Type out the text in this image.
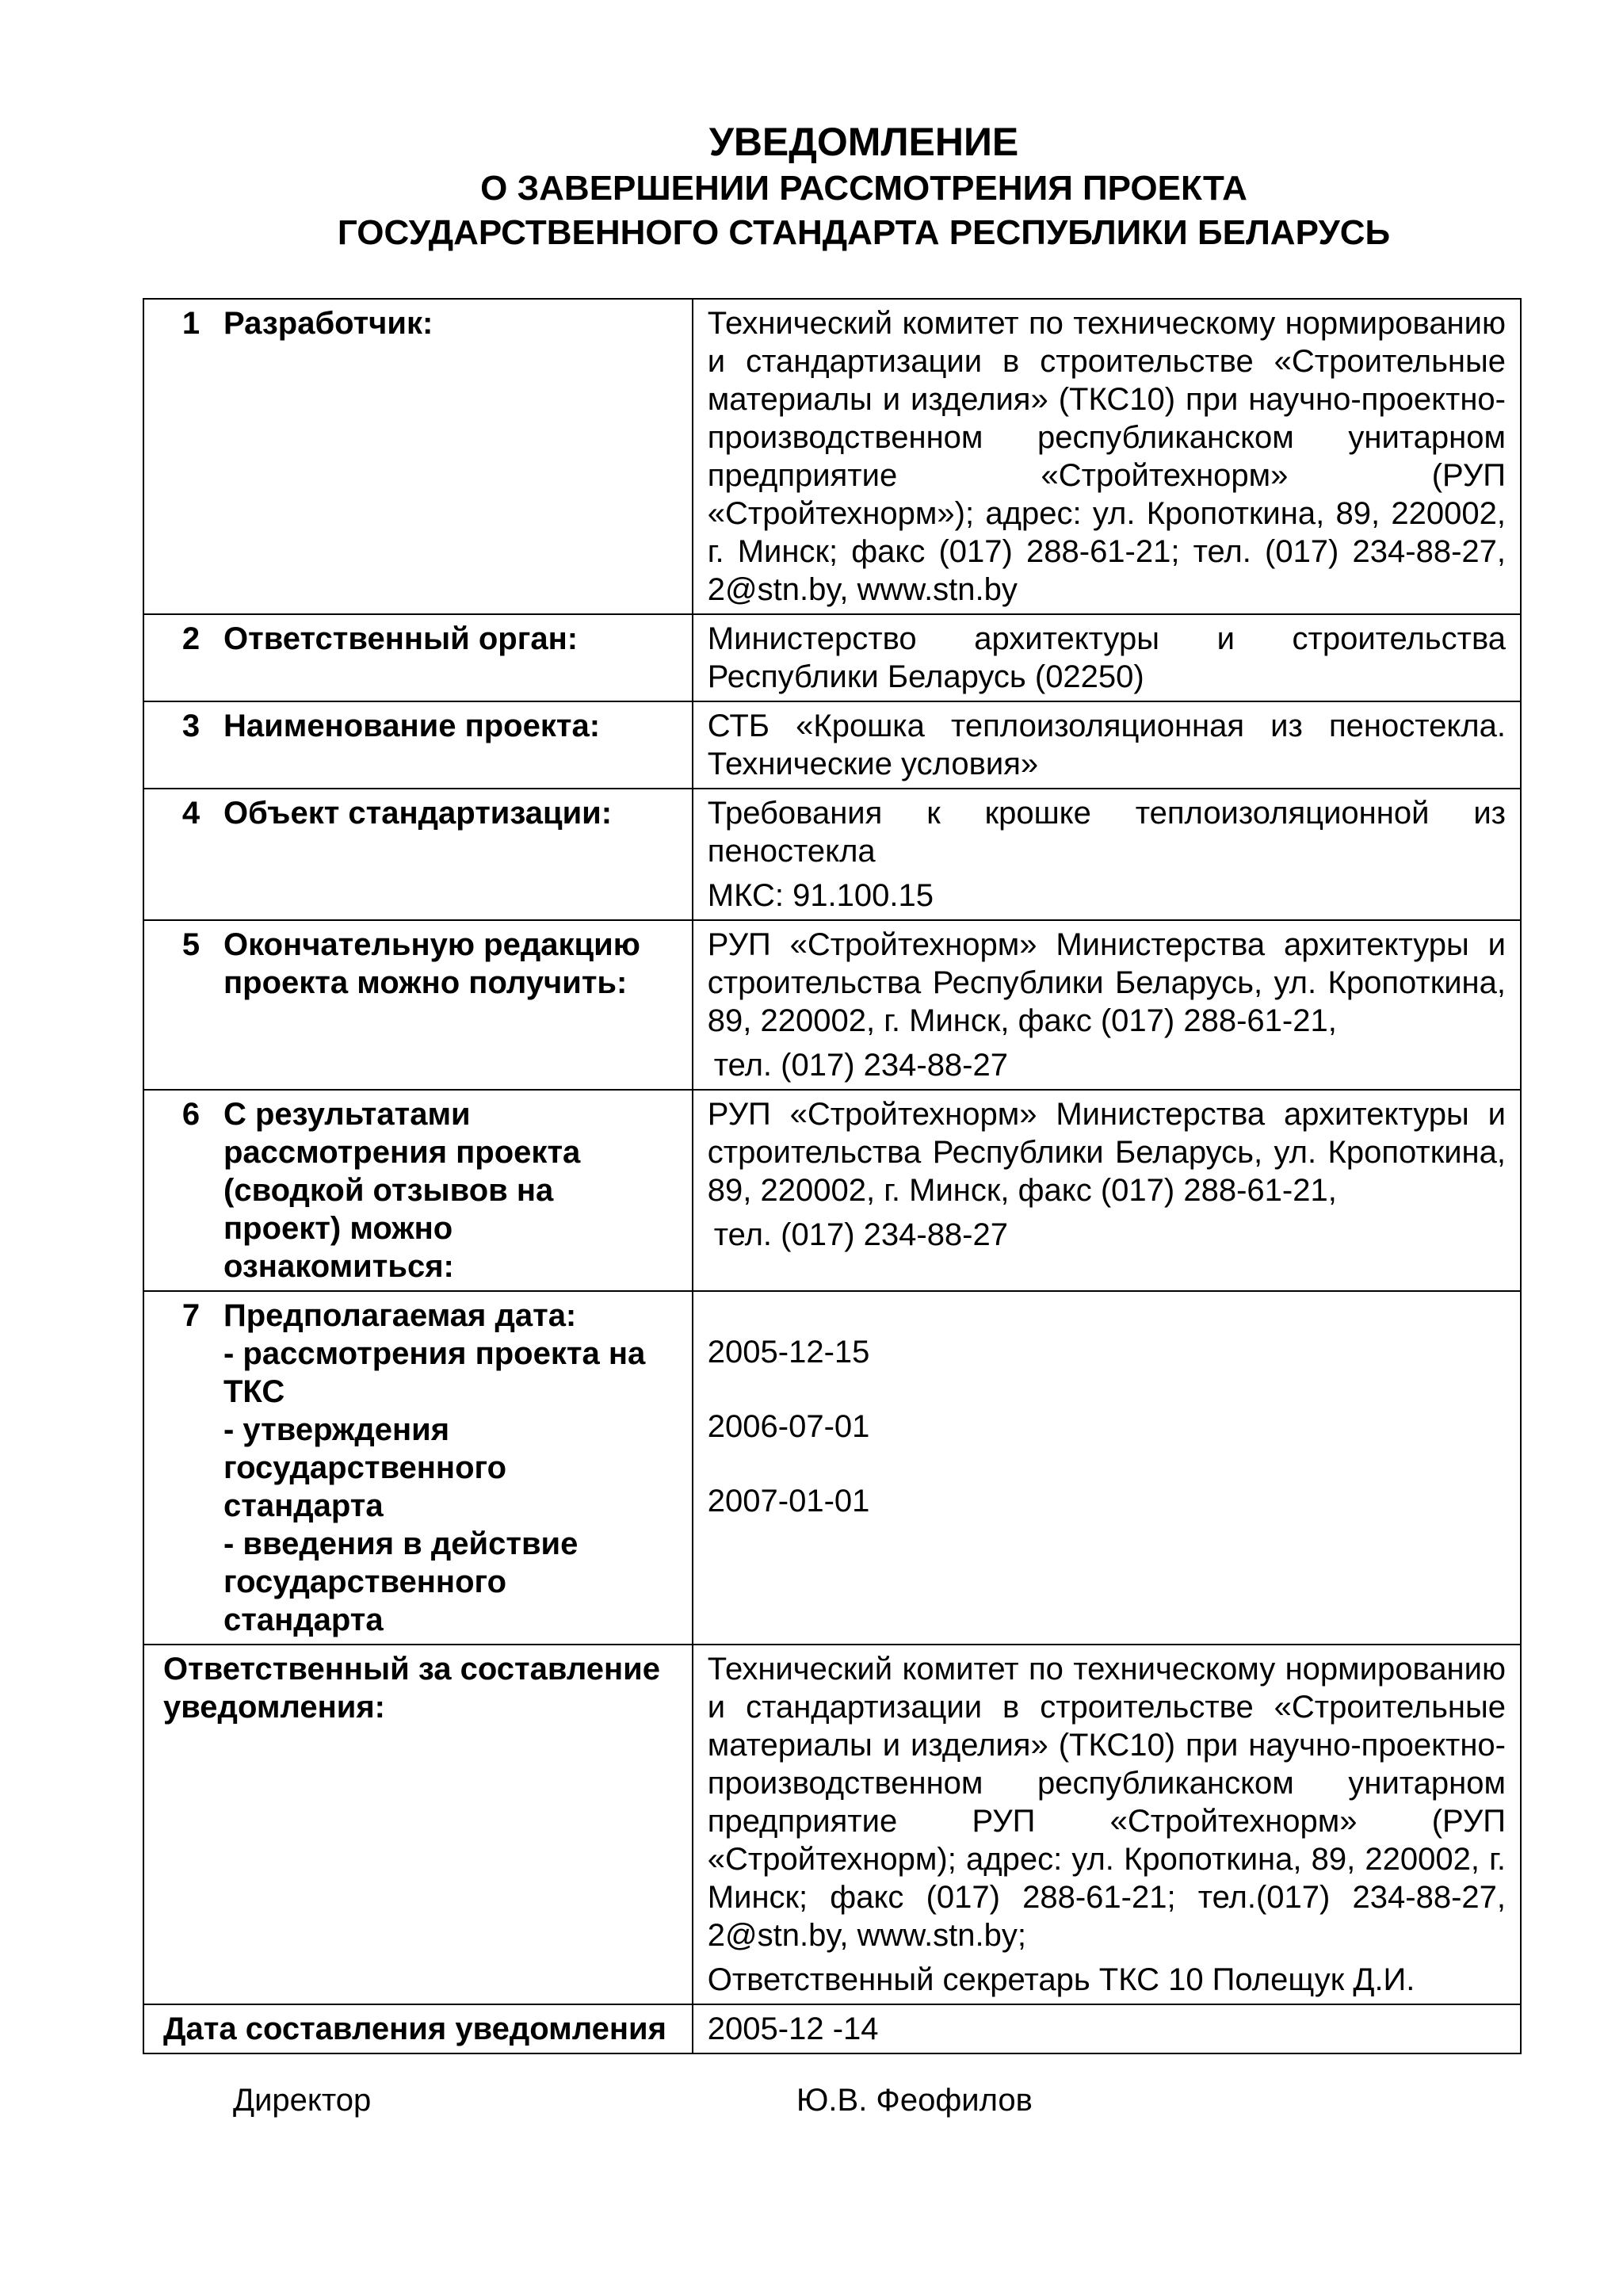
УВЕДОМЛЕНИЕ

О ЗАВЕРШЕНИИ РАССМОТРЕНИЯ ПРОЕКТА

ГОСУДАРСТВЕННОГО СТАНДАРТА РЕСПУБЛИКИ БЕЛАРУСЬ

1 Разработчик:	Технический комитет по техническому нормированию и стандартизации в строительстве «Строительные материалы и изделия» (ТКС10) при научно-проектно-производственном республиканском унитарном предприятие «Стройтехнорм» (РУП «Стройтехнорм»); адрес: ул. Кропоткина, 89, 220002, г. Минск; факс (017) 288-61-21; тел. (017) 234-88-27, 2@stn.by, www.stn.by

2 Ответственный орган:	Министерство архитектуры и строительства Республики Беларусь (02250)

3 Наименование проекта:	СТБ «Крошка теплоизоляционная из пеностекла. Технические условия»

4 Объект стандартизации:	Требования к крошке теплоизоляционной из пеностекла
МКС: 91.100.15

5 Окончательную редакцию проекта можно получить:	РУП «Стройтехнорм» Министерства архитектуры и строительства Республики Беларусь, ул. Кропоткина, 89, 220002, г. Минск, факс (017) 288-61-21,
тел. (017) 234-88-27

6 С результатами рассмотрения проекта (сводкой отзывов на проект) можно ознакомиться:	РУП «Стройтехнорм» Министерства архитектуры и строительства Республики Беларусь, ул. Кропоткина, 89, 220002, г. Минск, факс (017) 288-61-21,
тел. (017) 234-88-27

7 Предполагаемая дата:
- рассмотрения проекта на ТКС
- утверждения государственного стандарта
- введения в действие государственного стандарта	2005-12-15
2006-07-01
2007-01-01

Ответственный за составление уведомления:	Технический комитет по техническому нормированию и стандартизации в строительстве «Строительные материалы и изделия» (ТКС10) при научно-проектно-производственном республиканском унитарном предприятие РУП «Стройтехнорм» (РУП «Стройтехнорм); адрес: ул. Кропоткина, 89, 220002, г. Минск; факс (017) 288-61-21; тел.(017) 234-88-27, 2@stn.by, www.stn.by;
Ответственный секретарь ТКС 10 Полещук Д.И.

Дата составления уведомления	2005-12 -14
Директор	Ю.В. Феофилов
